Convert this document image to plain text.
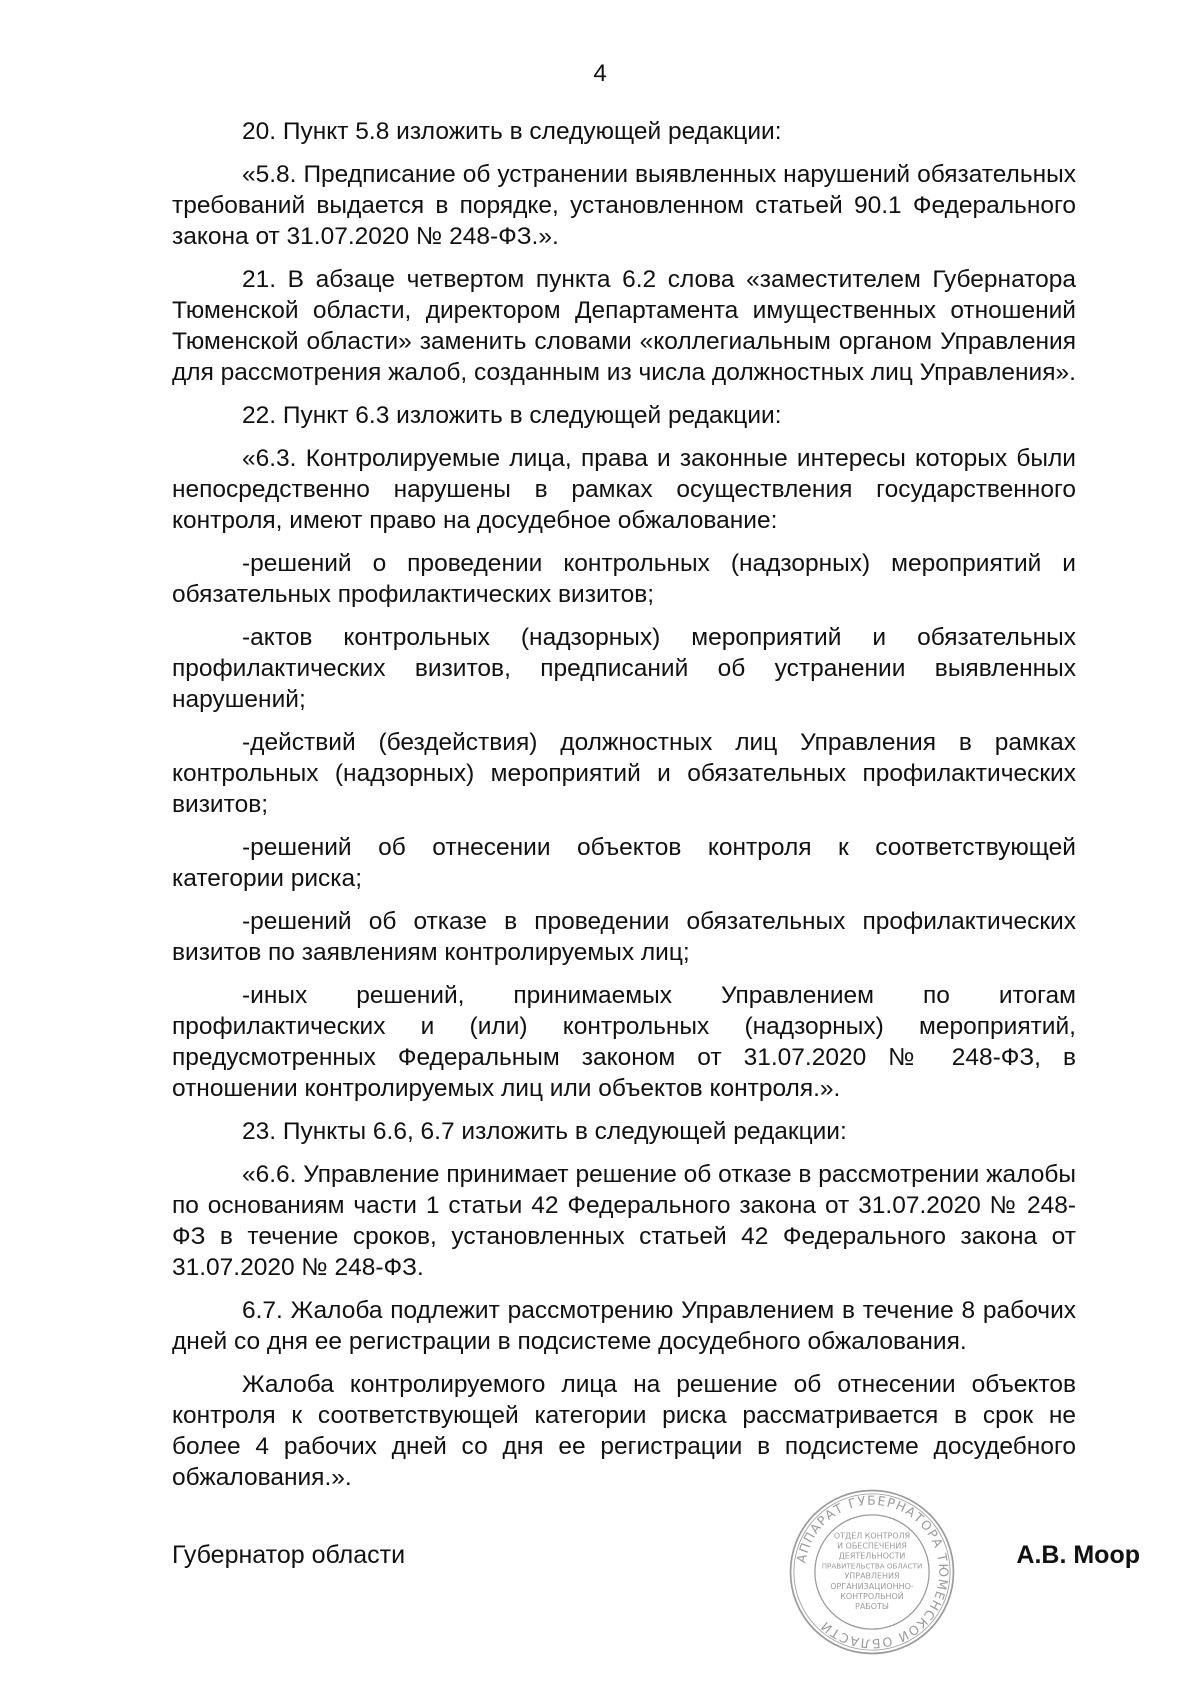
4

20. Пункт 5.8 изложить в следующей редакции:

«5.8. Предписание об устранении выявленных нарушений обязательных требований выдается в порядке, установленном статьей 90.1 Федерального закона от 31.07.2020 № 248-ФЗ.».

21. В абзаце четвертом пункта 6.2 слова «заместителем Губернатора Тюменской области, директором Департамента имущественных отношений Тюменской области» заменить словами «коллегиальным органом Управления для рассмотрения жалоб, созданным из числа должностных лиц Управления».

22. Пункт 6.3 изложить в следующей редакции:

«6.3. Контролируемые лица, права и законные интересы которых были непосредственно нарушены в рамках осуществления государственного контроля, имеют право на досудебное обжалование:

-решений о проведении контрольных (надзорных) мероприятий и обязательных профилактических визитов;

-актов контрольных (надзорных) мероприятий и обязательных профилактических визитов, предписаний об устранении выявленных нарушений;

-действий (бездействия) должностных лиц Управления в рамках контрольных (надзорных) мероприятий и обязательных профилактических визитов;

-решений об отнесении объектов контроля к соответствующей категории риска;

-решений об отказе в проведении обязательных профилактических визитов по заявлениям контролируемых лиц;

-иных решений, принимаемых Управлением по итогам профилактических и (или) контрольных (надзорных) мероприятий, предусмотренных Федеральным законом от 31.07.2020 № 248-ФЗ, в отношении контролируемых лиц или объектов контроля.».

23. Пункты 6.6, 6.7 изложить в следующей редакции:

«6.6. Управление принимает решение об отказе в рассмотрении жалобы по основаниям части 1 статьи 42 Федерального закона от 31.07.2020 № 248-ФЗ в течение сроков, установленных статьей 42 Федерального закона от 31.07.2020 № 248-ФЗ.

6.7. Жалоба подлежит рассмотрению Управлением в течение 8 рабочих дней со дня ее регистрации в подсистеме досудебного обжалования.

Жалоба контролируемого лица на решение об отнесении объектов контроля к соответствующей категории риска рассматривается в срок не более 4 рабочих дней со дня ее регистрации в подсистеме досудебного обжалования.».

АППАРАТ ГУБЕРНАТОРА ТЮМЕНСКОЙ ОБЛАСТИ
ОТДЕЛ КОНТРОЛЯ
И ОБЕСПЕЧЕНИЯ
ДЕЯТЕЛЬНОСТИ
ПРАВИТЕЛЬСТВА ОБЛАСТИ
УПРАВЛЕНИЯ
ОРГАНИЗАЦИОННО-
КОНТРОЛЬНОЙ
РАБОТЫ
Губернатор области	А.В. Моор
